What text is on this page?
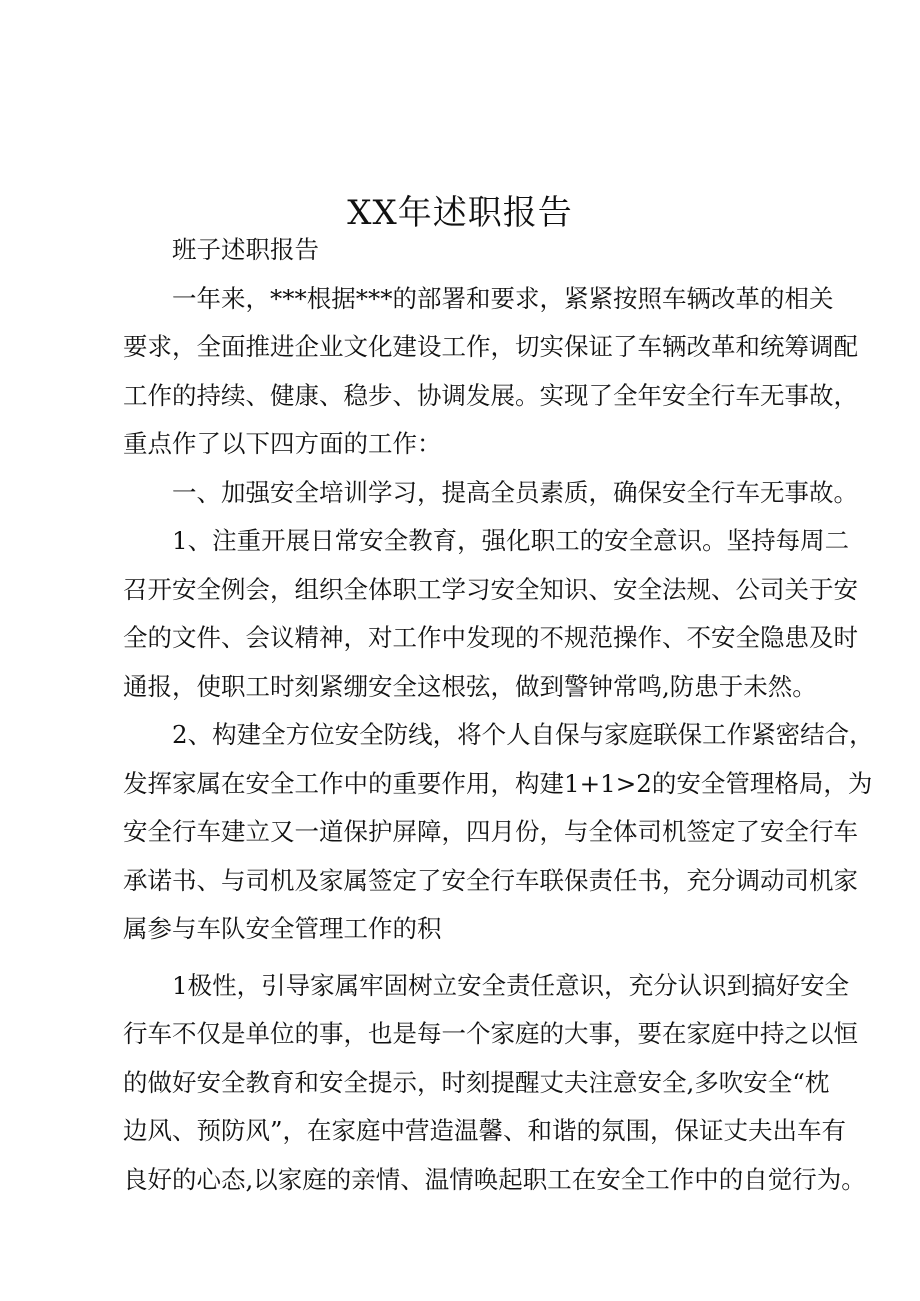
XX年述职报告
班子述职报告
一年来，***根据***的部署和要求，紧紧按照车辆改革的相关
要求，全面推进企业文化建设工作，切实保证了车辆改革和统筹调配
工作的持续、健康、稳步、协调发展。实现了全年安全行车无事故，
重点作了以下四方面的工作：
一、加强安全培训学习，提高全员素质，确保安全行车无事故。
1、注重开展日常安全教育，强化职工的安全意识。坚持每周二
召开安全例会，组织全体职工学习安全知识、安全法规、公司关于安
全的文件、会议精神，对工作中发现的不规范操作、不安全隐患及时
通报，使职工时刻紧绷安全这根弦，做到警钟常鸣,防患于未然。
2、构建全方位安全防线，将个人自保与家庭联保工作紧密结合，
发挥家属在安全工作中的重要作用，构建1+1>2的安全管理格局，为
安全行车建立又一道保护屏障，四月份，与全体司机签定了安全行车
承诺书、与司机及家属签定了安全行车联保责任书，充分调动司机家
属参与车队安全管理工作的积
1极性，引导家属牢固树立安全责任意识，充分认识到搞好安全
行车不仅是单位的事，也是每一个家庭的大事，要在家庭中持之以恒
的做好安全教育和安全提示，时刻提醒丈夫注意安全,多吹安全“枕
边风、预防风”，在家庭中营造温馨、和谐的氛围，保证丈夫出车有
良好的心态,以家庭的亲情、温情唤起职工在安全工作中的自觉行为。
